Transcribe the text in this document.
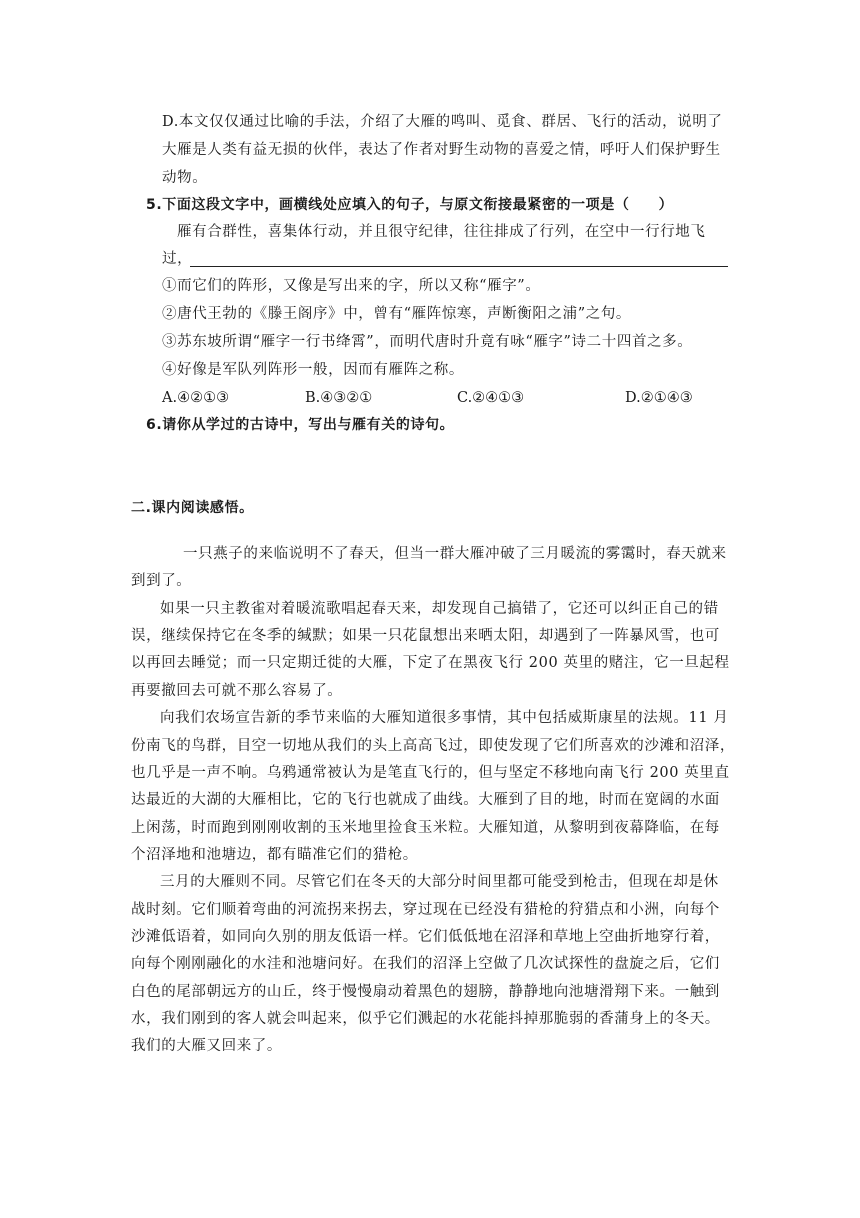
D.本文仅仅通过比喻的手法，介绍了大雁的鸣叫、觅食、群居、飞行的活动，说明了
大雁是人类有益无损的伙伴，表达了作者对野生动物的喜爱之情，呼吁人们保护野生
动物。
5.下面这段文字中，画横线处应填入的句子，与原文衔接最紧密的一项是（　　）
雁有合群性，喜集体行动，并且很守纪律，往往排成了行列，在空中一行行地飞
过，
①而它们的阵形，又像是写出来的字，所以又称“雁字”。
②唐代王勃的《滕王阁序》中，曾有“雁阵惊寒，声断衡阳之浦”之句。
③苏东坡所谓“雁字一行书绛霄”，而明代唐时升竟有咏“雁字”诗二十四首之多。
④好像是军队列阵形一般，因而有雁阵之称。
A.④②①③	B.④③②①	C.②④①③	D.②①④③
6.请你从学过的古诗中，写出与雁有关的诗句。
二.课内阅读感悟。
一只燕子的来临说明不了春天，但当一群大雁冲破了三月暖流的雾霭时，春天就来
到到了。
如果一只主教雀对着暖流歌唱起春天来，却发现自己搞错了，它还可以纠正自己的错
误，继续保持它在冬季的缄默；如果一只花鼠想出来晒太阳，却遇到了一阵暴风雪，也可
以再回去睡觉；而一只定期迁徙的大雁，下定了在黑夜飞行 200 英里的赌注，它一旦起程
再要撤回去可就不那么容易了。
向我们农场宣告新的季节来临的大雁知道很多事情，其中包括威斯康星的法规。11 月
份南飞的鸟群，目空一切地从我们的头上高高飞过，即使发现了它们所喜欢的沙滩和沼泽，
也几乎是一声不响。乌鸦通常被认为是笔直飞行的，但与坚定不移地向南飞行 200 英里直
达最近的大湖的大雁相比，它的飞行也就成了曲线。大雁到了目的地，时而在宽阔的水面
上闲荡，时而跑到刚刚收割的玉米地里捡食玉米粒。大雁知道，从黎明到夜幕降临，在每
个沼泽地和池塘边，都有瞄准它们的猎枪。
三月的大雁则不同。尽管它们在冬天的大部分时间里都可能受到枪击，但现在却是休
战时刻。它们顺着弯曲的河流拐来拐去，穿过现在已经没有猎枪的狩猎点和小洲，向每个
沙滩低语着，如同向久别的朋友低语一样。它们低低地在沼泽和草地上空曲折地穿行着，
向每个刚刚融化的水洼和池塘问好。在我们的沼泽上空做了几次试探性的盘旋之后，它们
白色的尾部朝远方的山丘，终于慢慢扇动着黑色的翅膀，静静地向池塘滑翔下来。一触到
水，我们刚到的客人就会叫起来，似乎它们溅起的水花能抖掉那脆弱的香蒲身上的冬天。
我们的大雁又回来了。
